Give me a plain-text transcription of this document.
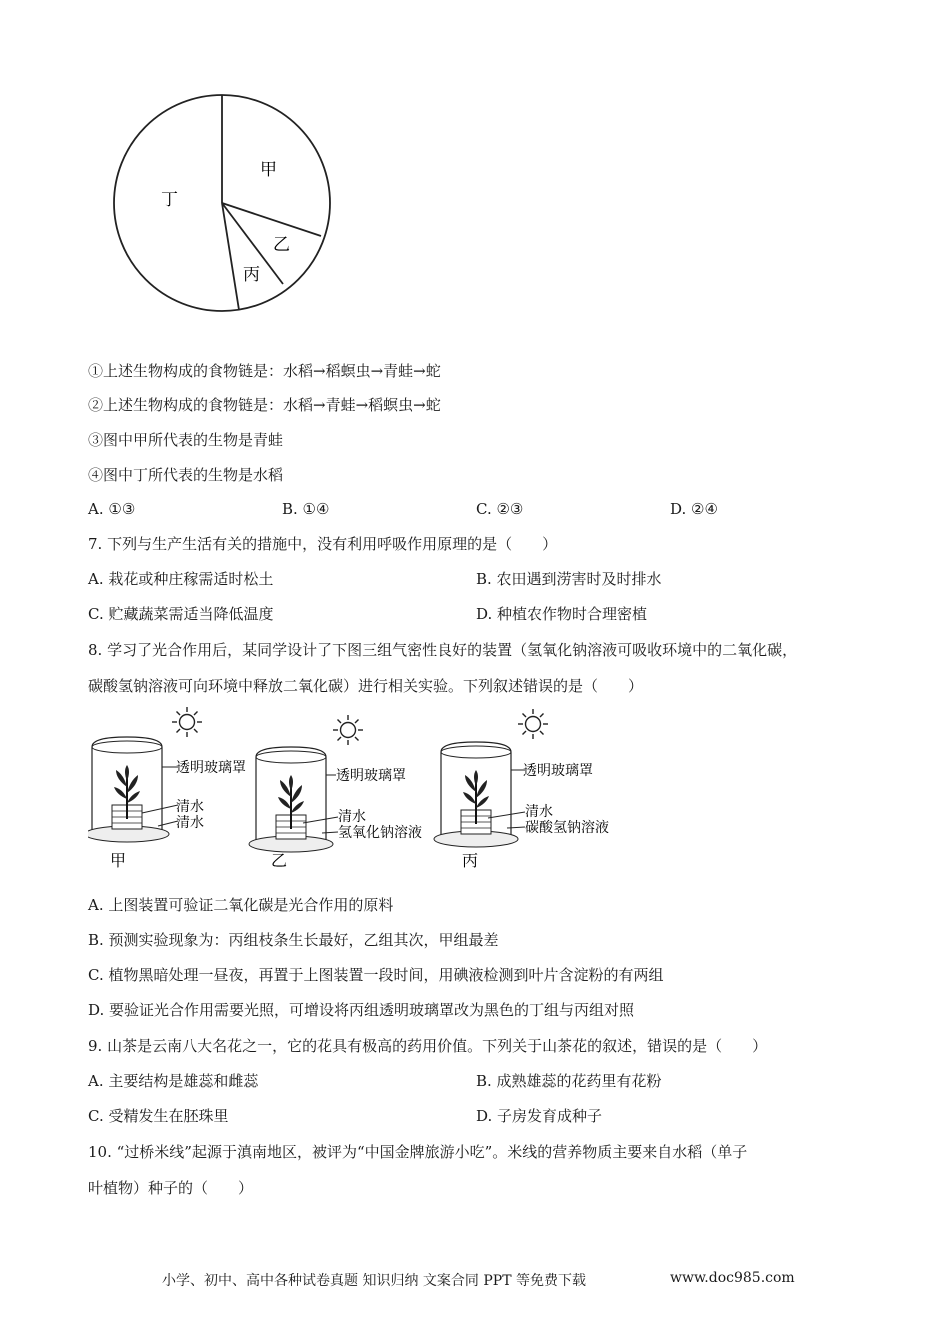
甲
乙
丙
丁
①上述生物构成的食物链是：水稻→稻螟虫→青蛙→蛇
②上述生物构成的食物链是：水稻→青蛙→稻螟虫→蛇
③图中甲所代表的生物是青蛙
④图中丁所代表的生物是水稻
A. ①③	B. ①④	C. ②③	D. ②④
7. 下列与生产生活有关的措施中，没有利用呼吸作用原理的是（　　）
A. 栽花或种庄稼需适时松土	B. 农田遇到涝害时及时排水
C. 贮藏蔬菜需适当降低温度	D. 种植农作物时合理密植
8. 学习了光合作用后，某同学设计了下图三组气密性良好的装置（氢氧化钠溶液可吸收环境中的二氧化碳，
碳酸氢钠溶液可向环境中释放二氧化碳）进行相关实验。下列叙述错误的是（　　）
透明玻璃罩
清水
清水
甲
透明玻璃罩
清水
氢氧化钠溶液
乙
透明玻璃罩
清水
碳酸氢钠溶液
丙
A. 上图装置可验证二氧化碳是光合作用的原料
B. 预测实验现象为：丙组枝条生长最好，乙组其次，甲组最差
C. 植物黑暗处理一昼夜，再置于上图装置一段时间，用碘液检测到叶片含淀粉的有两组
D. 要验证光合作用需要光照，可增设将丙组透明玻璃罩改为黑色的丁组与丙组对照
9. 山茶是云南八大名花之一，它的花具有极高的药用价值。下列关于山茶花的叙述，错误的是（　　）
A. 主要结构是雄蕊和雌蕊	B. 成熟雄蕊的花药里有花粉
C. 受精发生在胚珠里	D. 子房发育成种子
10. “过桥米线”起源于滇南地区，被评为“中国金牌旅游小吃”。米线的营养物质主要来自水稻（单子
叶植物）种子的（　　）
小学、初中、高中各种试卷真题 知识归纳 文案合同 PPT 等免费下载	www.doc985.com
